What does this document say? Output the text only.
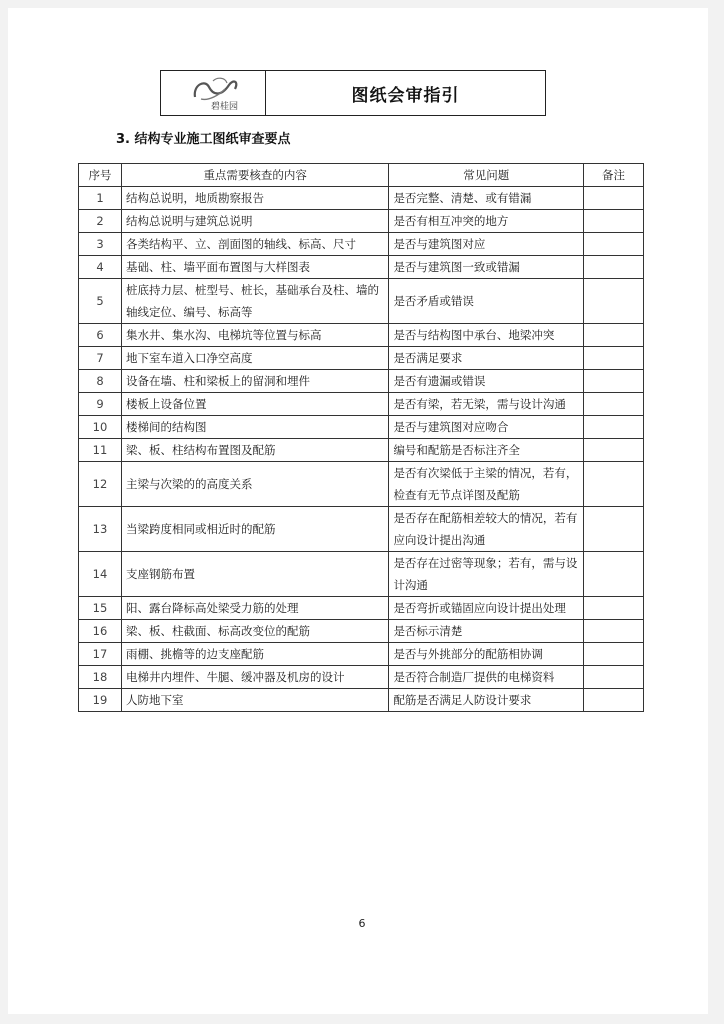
碧桂园
图纸会审指引
3. 结构专业施工图纸审查要点
序号	重点需要核查的内容	常见问题	备注
1	结构总说明，地质勘察报告	是否完整、清楚、或有错漏	
2	结构总说明与建筑总说明	是否有相互冲突的地方	
3	各类结构平、立、剖面图的轴线、标高、尺寸	是否与建筑图对应	
4	基础、柱、墙平面布置图与大样图表	是否与建筑图一致或错漏	
5	桩底持力层、桩型号、桩长，基础承台及柱、墙的轴线定位、编号、标高等	是否矛盾或错误	
6	集水井、集水沟、电梯坑等位置与标高	是否与结构图中承台、地梁冲突	
7	地下室车道入口净空高度	是否满足要求	
8	设备在墙、柱和梁板上的留洞和埋件	是否有遗漏或错误	
9	楼板上设备位置	是否有梁，若无梁，需与设计沟通	
10	楼梯间的结构图	是否与建筑图对应吻合	
11	梁、板、柱结构布置图及配筋	编号和配筋是否标注齐全	
12	主梁与次梁的的高度关系	是否有次梁低于主梁的情况，若有，检查有无节点详图及配筋	
13	当梁跨度相同或相近时的配筋	是否存在配筋相差较大的情况，若有应向设计提出沟通	
14	支座钢筋布置	是否存在过密等现象；若有，需与设计沟通	
15	阳、露台降标高处梁受力筋的处理	是否弯折或锚固应向设计提出处理	
16	梁、板、柱截面、标高改变位的配筋	是否标示清楚	
17	雨棚、挑檐等的边支座配筋	是否与外挑部分的配筋相协调	
18	电梯井内埋件、牛腿、缓冲器及机房的设计	是否符合制造厂提供的电梯资料	
19	人防地下室	配筋是否满足人防设计要求	
6
